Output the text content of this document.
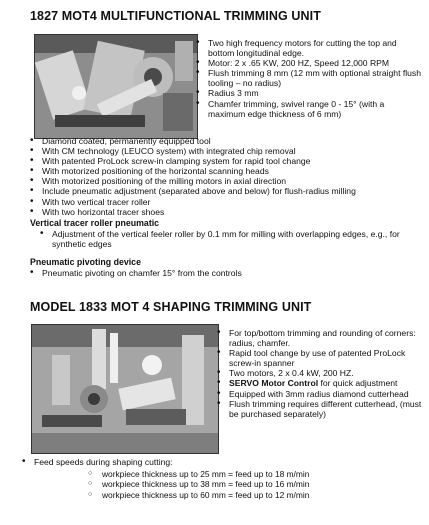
1827 MOT4 MULTIFUNCTIONAL TRIMMING UNIT
• Two high frequency motors for cutting the top and bottom longitudinal edge.
• Motor: 2 x .65 KW, 200 HZ, Speed 12,000 RPM
• Flush trimming 8 mm (12 mm with optional straight flush tooling – no radius)
• Radius 3 mm
• Chamfer trimming, swivel range 0 - 15° (with a maximum edge thickness of 6 mm)
• Diamond coated, permanently equipped tool
• With CM technology (LEUCO system) with integrated chip removal
• With patented ProLock screw-in clamping system for rapid tool change
• With motorized positioning of the horizontal scanning heads
• With motorized positioning of the milling motors in axial direction
• Include pneumatic adjustment (separated above and below) for flush-radius milling
• With two vertical tracer roller
• With two horizontal tracer shoes
Vertical tracer roller pneumatic
• Adjustment of the vertical feeler roller by 0.1 mm for milling with overlapping edges, e.g., for synthetic edges
Pneumatic pivoting device
• Pneumatic pivoting on chamfer 15° from the controls
MODEL 1833 MOT 4 SHAPING TRIMMING UNIT
• For top/bottom trimming and rounding of corners: radius, chamfer.
• Rapid tool change by use of patented ProLock screw-in spanner
• Two motors, 2 x 0.4 kW, 200 HZ.
• SERVO Motor Control for quick adjustment
• Equipped with 3mm radius diamond cutterhead
• Flush trimming requires different cutterhead, (must be purchased separately)
• Feed speeds during shaping cutting:
○ workpiece thickness up to 25 mm = feed up to 18 m/min
○ workpiece thickness up to 38 mm = feed up to 16 m/min
○ workpiece thickness up to 60 mm = feed up to 12 m/min
